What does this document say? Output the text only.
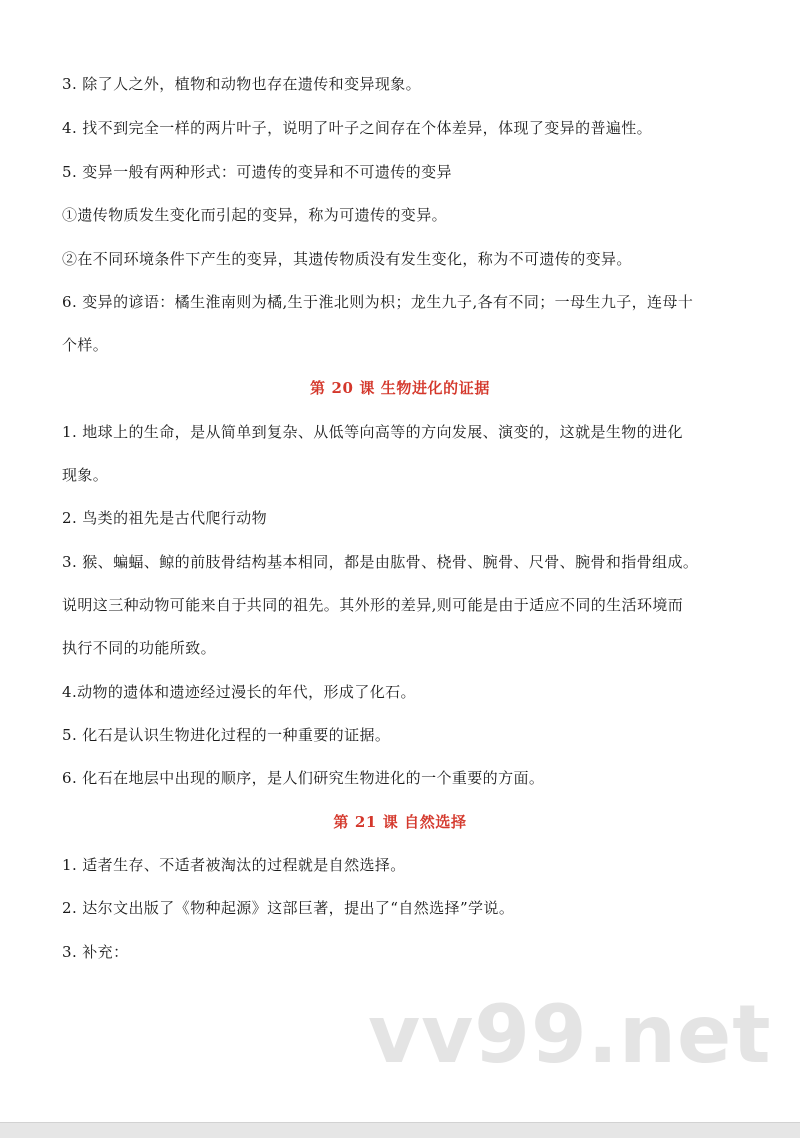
3. 除了人之外，植物和动物也存在遗传和变异现象。
4. 找不到完全一样的两片叶子，说明了叶子之间存在个体差异，体现了变异的普遍性。
5. 变异一般有两种形式：可遗传的变异和不可遗传的变异
①遗传物质发生变化而引起的变异，称为可遗传的变异。
②在不同环境条件下产生的变异，其遗传物质没有发生变化，称为不可遗传的变异。
6. 变异的谚语：橘生淮南则为橘,生于淮北则为枳；龙生九子,各有不同；一母生九子，连母十
个样。
第 20 课 生物进化的证据
1. 地球上的生命，是从简单到复杂、从低等向高等的方向发展、演变的，这就是生物的进化
现象。
2. 鸟类的祖先是古代爬行动物
3. 猴、蝙蝠、鲸的前肢骨结构基本相同，都是由肱骨、桡骨、腕骨、尺骨、腕骨和指骨组成。
说明这三种动物可能来自于共同的祖先。其外形的差异,则可能是由于适应不同的生活环境而
执行不同的功能所致。
4.动物的遗体和遗迹经过漫长的年代，形成了化石。
5. 化石是认识生物进化过程的一种重要的证据。
6. 化石在地层中出现的顺序，是人们研究生物进化的一个重要的方面。
第 21 课 自然选择
1. 适者生存、不适者被淘汰的过程就是自然选择。
2. 达尔文出版了《物种起源》这部巨著，提出了“自然选择”学说。
3. 补充：
vv99.net
